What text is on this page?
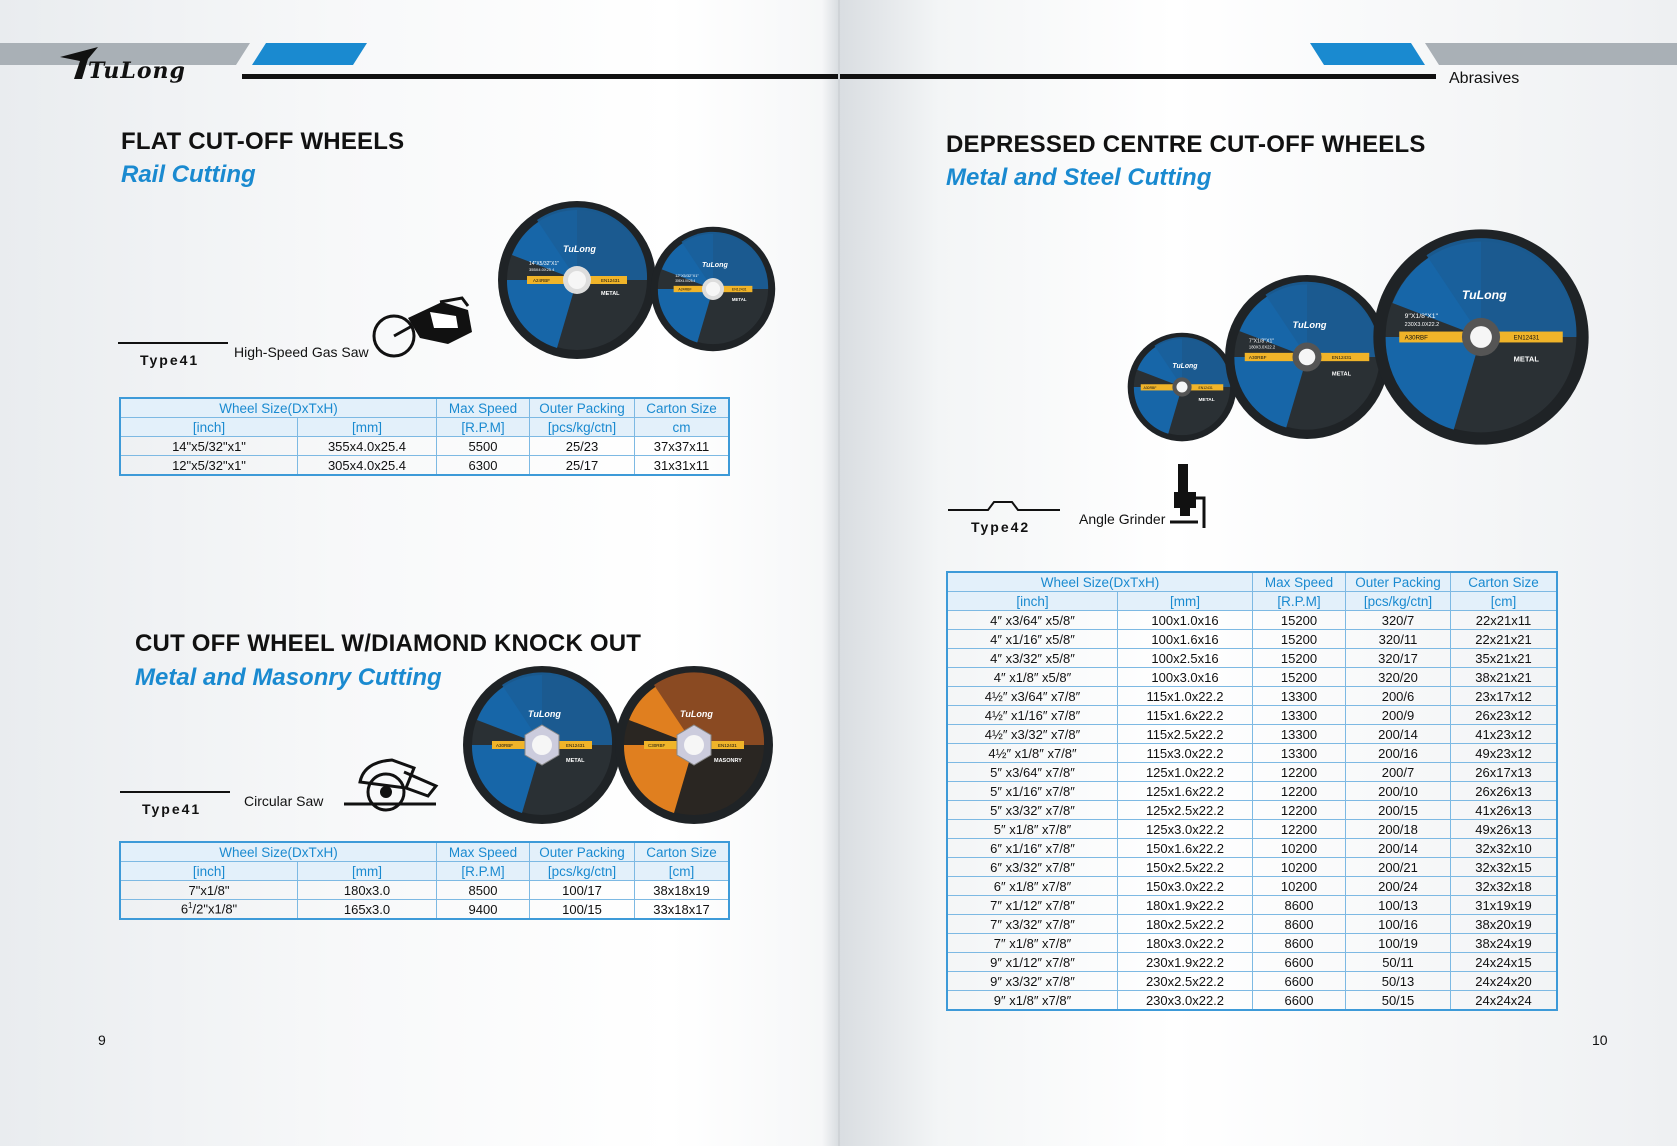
TuLong
FLAT CUT-OFF WHEELS
Rail Cutting
TuLong
14"X5/32"X1"
355X4.0X25.4
A24RBF	EN12431
METAL
TuLong
12"X5/32"X1"
305X4.0X25.4
A24RBF	EN12431
METAL
Type41 High-Speed Gas Saw
Wheel Size(DxTxH)		Max Speed	Outer Packing	Carton Size
[inch]	[mm]	[R.P.M]	[pcs/kg/ctn]	cm
14"x5/32"x1"	355x4.0x25.4	5500	25/23	37x37x11
12"x5/32"x1"	305x4.0x25.4	6300	25/17	31x31x11
CUT OFF WHEEL W/DIAMOND KNOCK OUT
Metal and Masonry Cutting
TuLong
A30RBF	EN12431
METAL
TuLong
C30RBF	EN12431
MASONRY
Type41	Circular Saw
Wheel Size(DxTxH)		Max Speed	Outer Packing	Carton Size
[inch]	[mm]	[R.P.M]	[pcs/kg/ctn]	[cm]
7"x1/8"	180x3.0	8500	100/17	38x18x19
$6^1/2"x1/8$"	165x3.0	9400	100/15	33x18x17
9
Abrasives
DEPRESSED CENTRE CUT-OFF WHEELS
Metal and Steel Cutting
TuLong
A30RBF	EN12431
METAL
TuLong
7"X1/8"X1"
180X3.0X22.2
A30RBF	EN12431
METAL
TuLong
9"X1/8"X1"
230X3.0X22.2
A30RBF	EN12431
METAL
Type42	Angle Grinder
Wheel Size(DxTxH)		Max Speed	Outer Packing	Carton Size
[inch]	[mm]	[R.P.M]	[pcs/kg/ctn]	[cm]
4″ x3/64″ x5/8″	100x1.0x16	15200	320/7	22x21x11
4″ x1/16″ x5/8″	100x1.6x16	15200	320/11	22x21x21
4″ x3/32″ x5/8″	100x2.5x16	15200	320/17	35x21x21
4″ x1/8″ x5/8″	100x3.0x16	15200	320/20	38x21x21
4½″ x3/64″ x7/8″	115x1.0x22.2	13300	200/6	23x17x12
4½″ x1/16″ x7/8″	115x1.6x22.2	13300	200/9	26x23x12
4½″ x3/32″ x7/8″	115x2.5x22.2	13300	200/14	41x23x12
4½″ x1/8″ x7/8″	115x3.0x22.2	13300	200/16	49x23x12
5″ x3/64″ x7/8″	125x1.0x22.2	12200	200/7	26x17x13
5″ x1/16″ x7/8″	125x1.6x22.2	12200	200/10	26x26x13
5″ x3/32″ x7/8″	125x2.5x22.2	12200	200/15	41x26x13
5″ x1/8″ x7/8″	125x3.0x22.2	12200	200/18	49x26x13
6″ x1/16″ x7/8″	150x1.6x22.2	10200	200/14	32x32x10
6″ x3/32″ x7/8″	150x2.5x22.2	10200	200/21	32x32x15
6″ x1/8″ x7/8″	150x3.0x22.2	10200	200/24	32x32x18
7″ x1/12″ x7/8″	180x1.9x22.2	8600	100/13	31x19x19
7″ x3/32″ x7/8″	180x2.5x22.2	8600	100/16	38x20x19
7″ x1/8″ x7/8″	180x3.0x22.2	8600	100/19	38x24x19
9″ x1/12″ x7/8″	230x1.9x22.2	6600	50/11	24x24x15
9″ x3/32″ x7/8″	230x2.5x22.2	6600	50/13	24x24x20
9″ x1/8″ x7/8″	230x3.0x22.2	6600	50/15	24x24x24
10
